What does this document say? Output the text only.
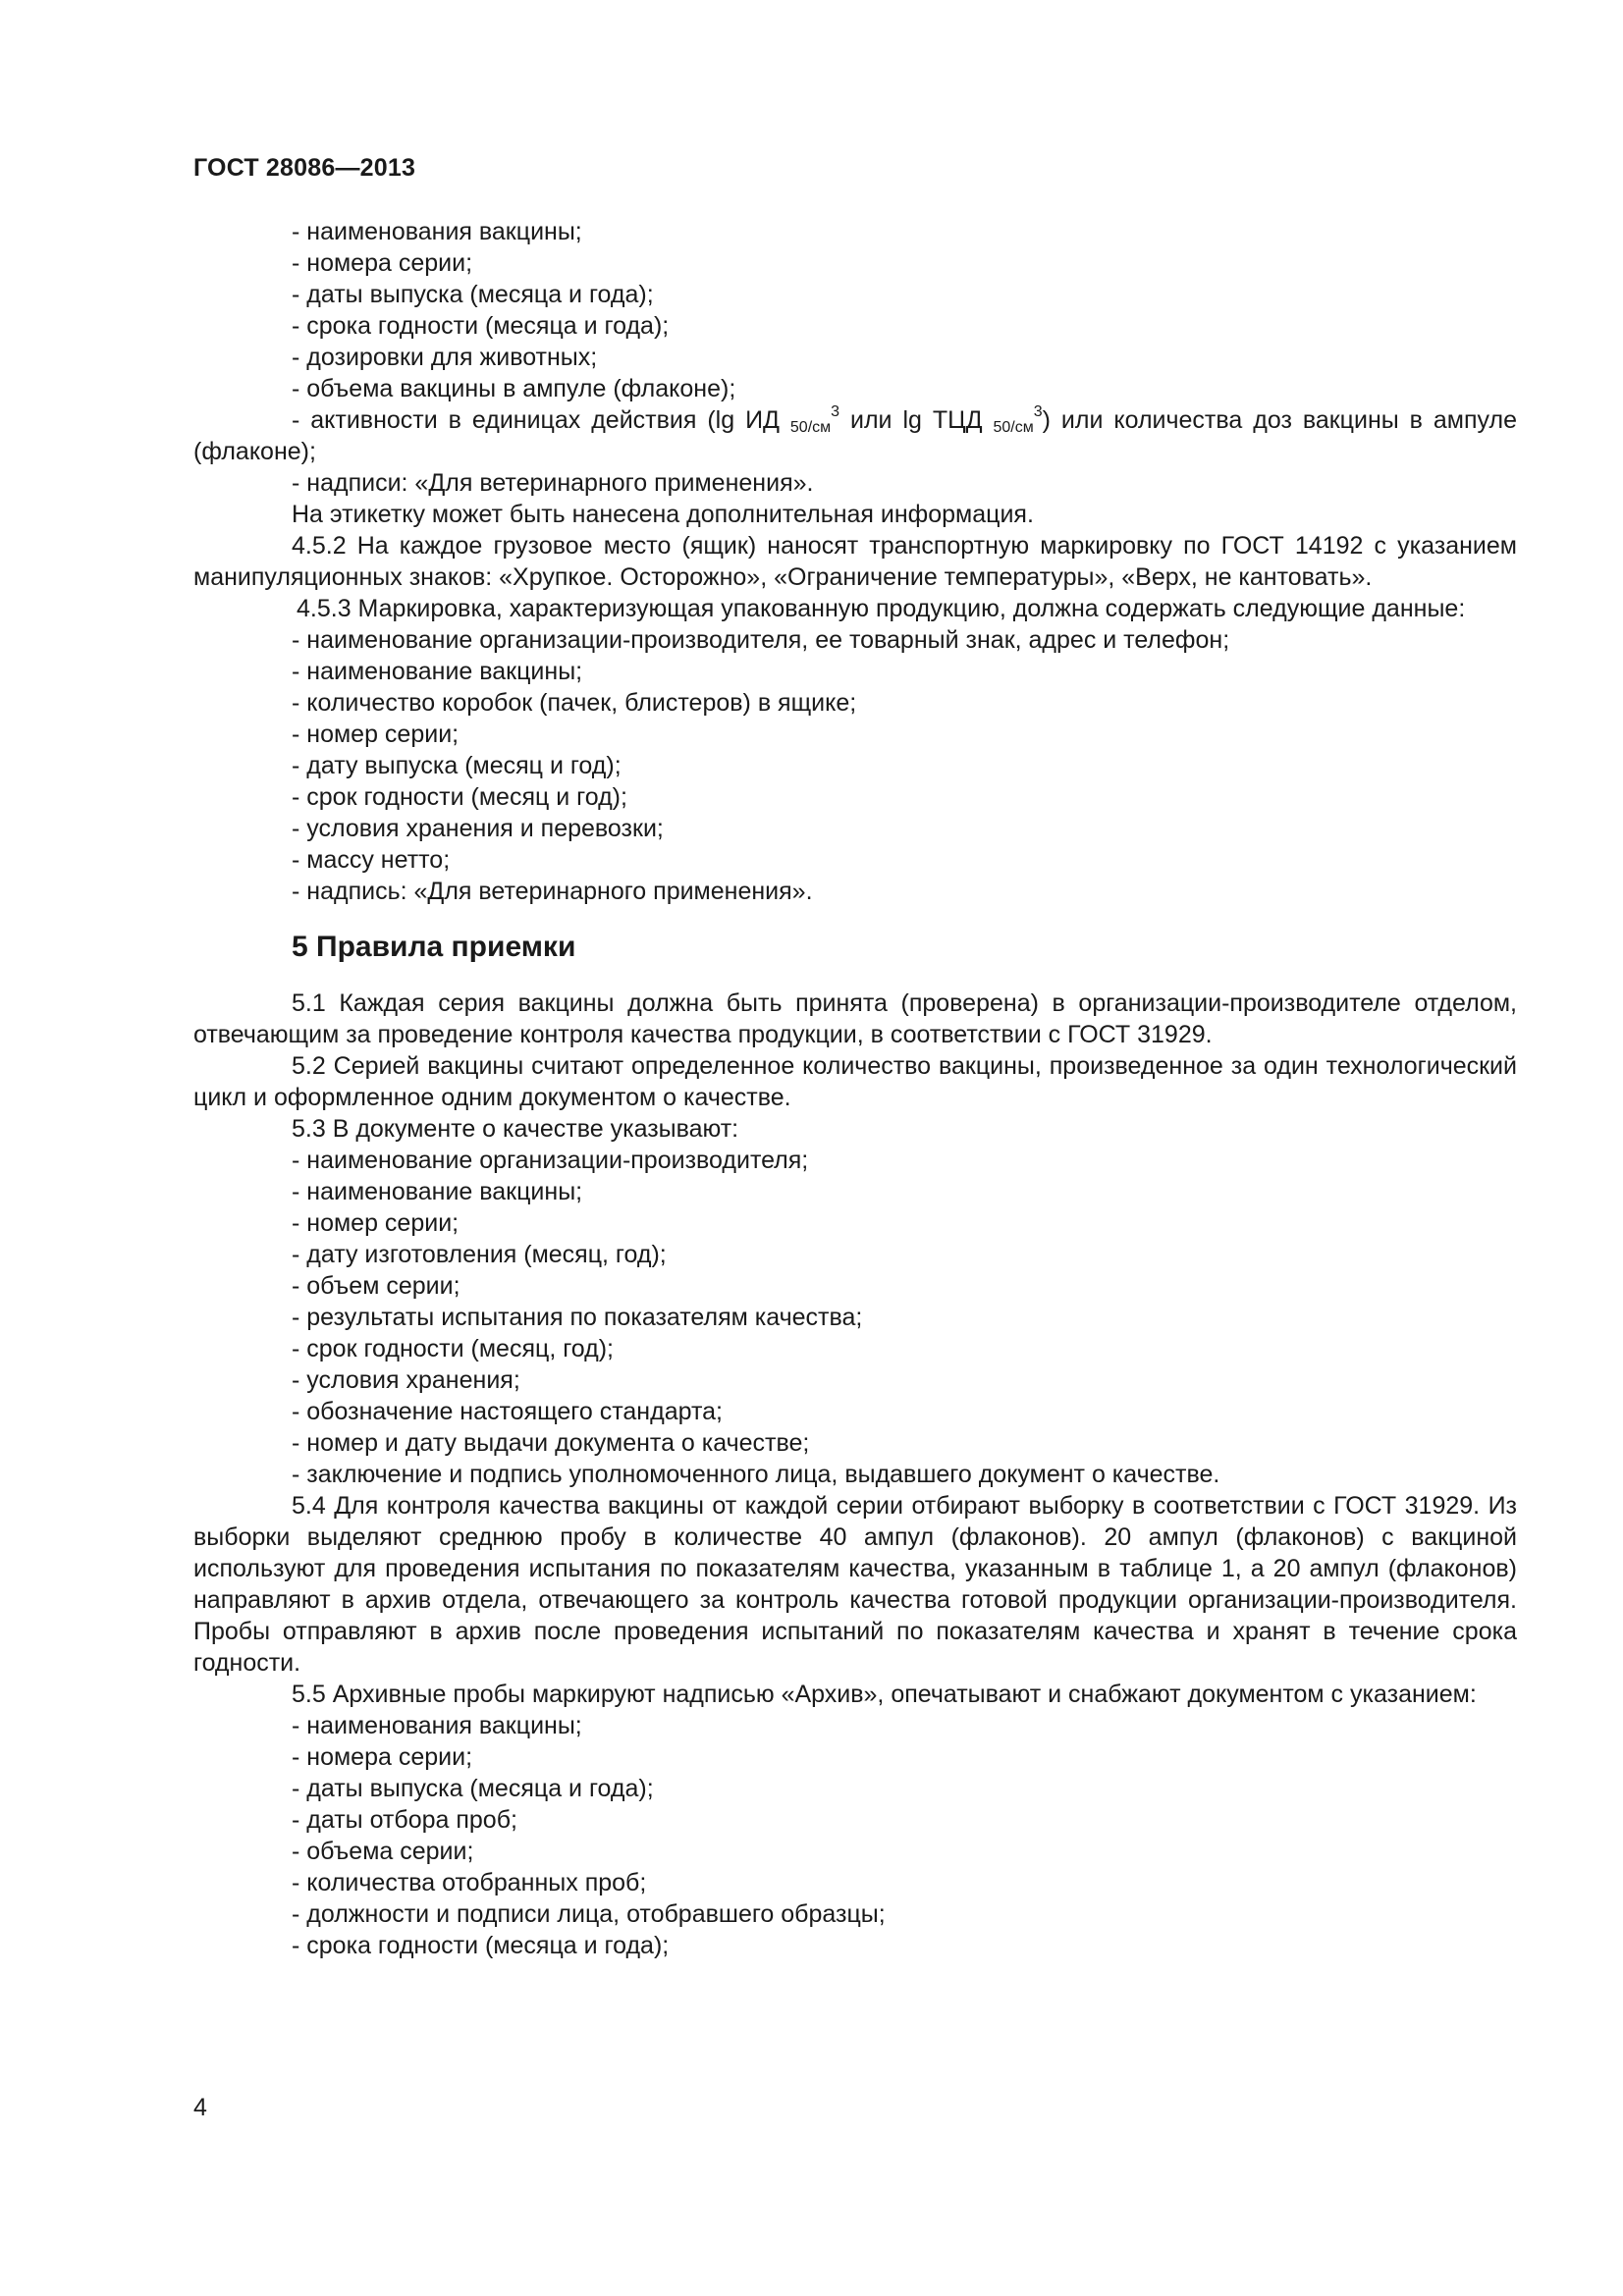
ГОСТ 28086—2013

- наименования вакцины;

- номера серии;

- даты выпуска (месяца и года);

- срока годности (месяца и года);

- дозировки для животных;

- объема вакцины в ампуле (флаконе);

- активности в единицах действия (lg ИД $_{50/см}^3$ или lg ТЦД $_{50/см}^3$) или количества доз вакцины в ампуле (флаконе);

- надписи: «Для ветеринарного применения».

На этикетку может быть нанесена дополнительная информация.

4.5.2 На каждое грузовое место (ящик) наносят транспортную маркировку по ГОСТ 14192 с указанием манипуляционных знаков: «Хрупкое. Осторожно», «Ограничение температуры», «Верх, не кантовать».

4.5.3 Маркировка, характеризующая упакованную продукцию, должна содержать следующие данные:

- наименование организации-производителя, ее товарный знак, адрес и телефон;

- наименование вакцины;

- количество коробок (пачек, блистеров) в ящике;

- номер серии;

- дату выпуска (месяц и год);

- срок годности (месяц и год);

- условия хранения и перевозки;

- массу нетто;

- надпись: «Для ветеринарного применения».

5 Правила приемки

5.1 Каждая серия вакцины должна быть принята (проверена) в организации-производителе отделом, отвечающим за проведение контроля качества продукции, в соответствии с ГОСТ 31929.

5.2 Серией вакцины считают определенное количество вакцины, произведенное за один технологический цикл и оформленное одним документом о качестве.

5.3 В документе о качестве указывают:

- наименование организации-производителя;

- наименование вакцины;

- номер серии;

- дату изготовления (месяц, год);

- объем серии;

- результаты испытания по показателям качества;

- срок годности (месяц, год);

- условия хранения;

- обозначение настоящего стандарта;

- номер и дату выдачи документа о качестве;

- заключение и подпись уполномоченного лица, выдавшего документ о качестве.

5.4 Для контроля качества вакцины от каждой серии отбирают выборку в соответствии с ГОСТ 31929. Из выборки выделяют среднюю пробу в количестве 40 ампул (флаконов). 20 ампул (флаконов) с вакциной используют для проведения испытания по показателям качества, указанным в таблице 1, а 20 ампул (флаконов) направляют в архив отдела, отвечающего за контроль качества готовой продукции организации-производителя. Пробы отправляют в архив после проведения испытаний по показателям качества и хранят в течение срока годности.

5.5 Архивные пробы маркируют надписью «Архив», опечатывают и снабжают документом с указанием:

- наименования вакцины;

- номера серии;

- даты выпуска (месяца и года);

- даты отбора проб;

- объема серии;

- количества отобранных проб;

- должности и подписи лица, отобравшего образцы;

- срока годности (месяца и года);

4
